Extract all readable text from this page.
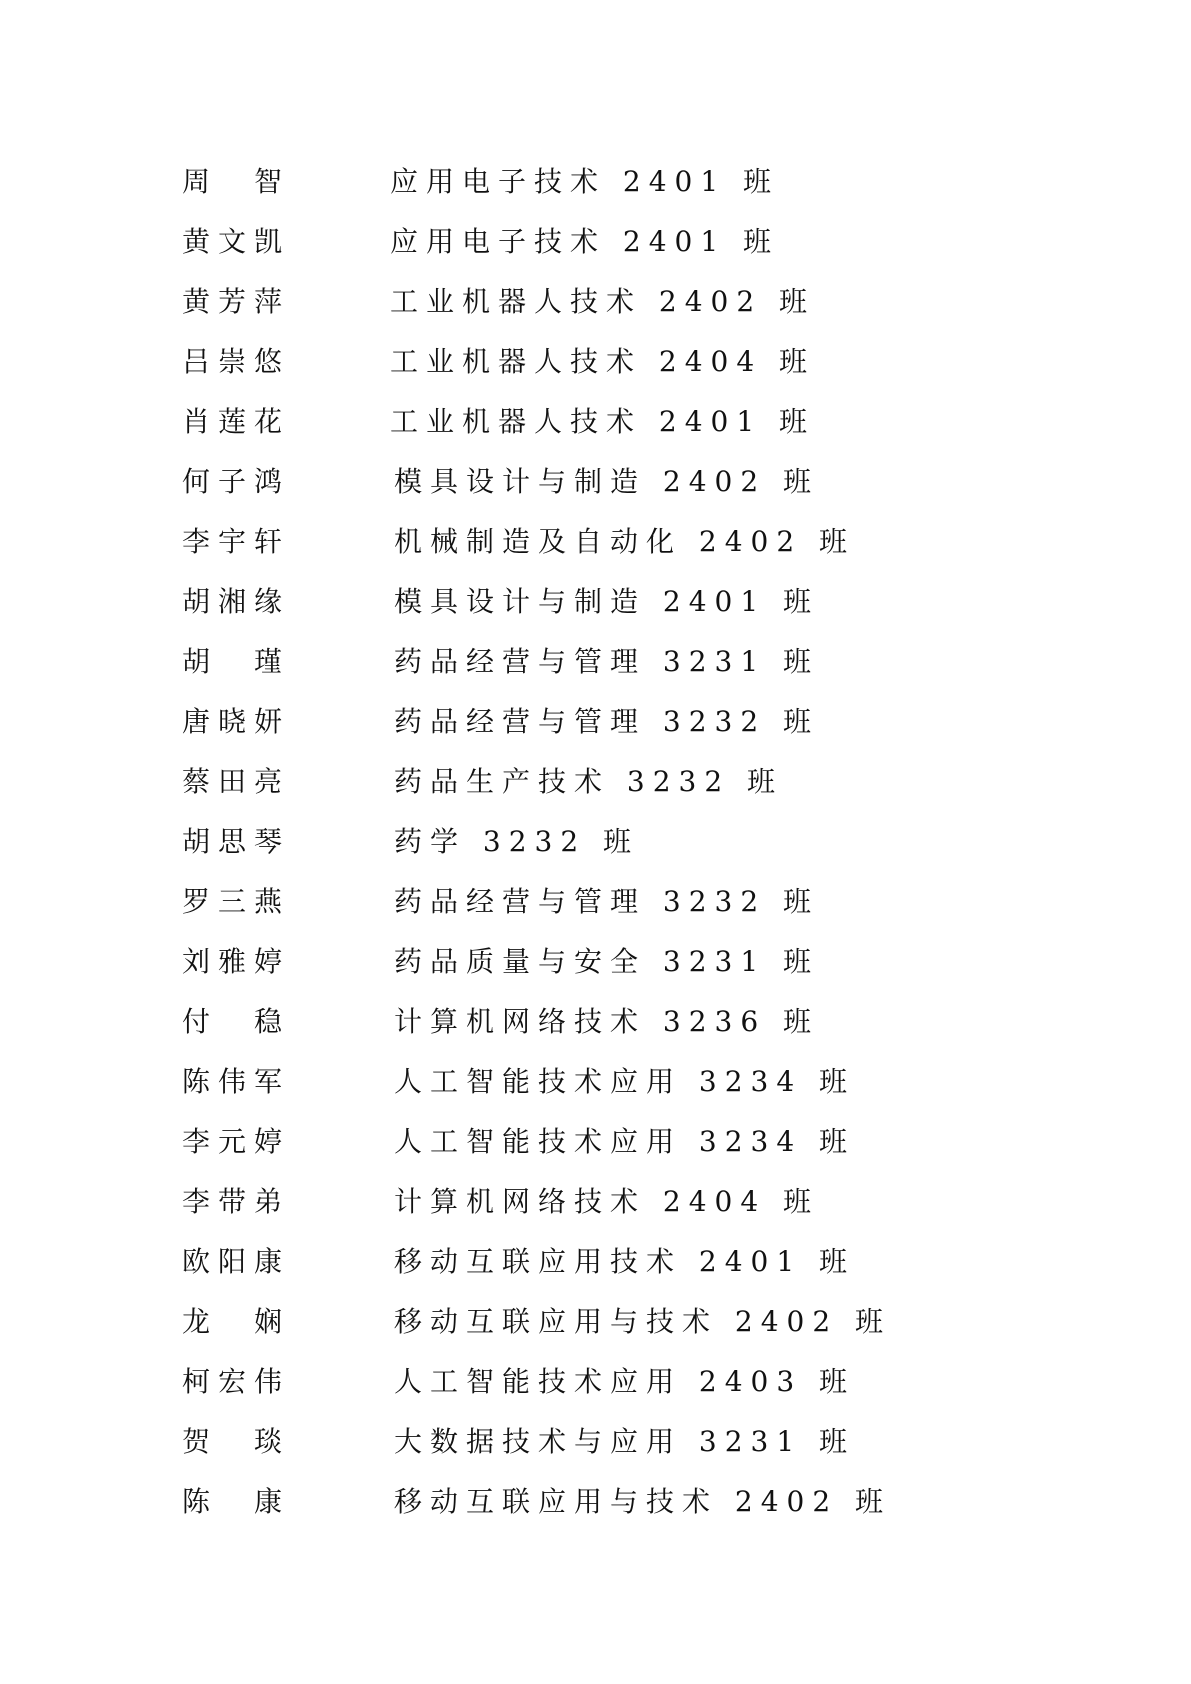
周　智	应用电子技术 2401 班
黄文凯	应用电子技术 2401 班
黄芳萍	工业机器人技术 2402 班
吕崇悠	工业机器人技术 2404 班
肖莲花	工业机器人技术 2401 班
何子鸿	模具设计与制造 2402 班
李宇轩	机械制造及自动化 2402 班
胡湘缘	模具设计与制造 2401 班
胡　瑾	药品经营与管理 3231 班
唐晓妍	药品经营与管理 3232 班
蔡田亮	药品生产技术 3232 班
胡思琴	药学 3232 班
罗三燕	药品经营与管理 3232 班
刘雅婷	药品质量与安全 3231 班
付　稳	计算机网络技术 3236 班
陈伟军	人工智能技术应用 3234 班
李元婷	人工智能技术应用 3234 班
李带弟	计算机网络技术 2404 班
欧阳康	移动互联应用技术 2401 班
龙　娴	移动互联应用与技术 2402 班
柯宏伟	人工智能技术应用 2403 班
贺　琰	大数据技术与应用 3231 班
陈　康	移动互联应用与技术 2402 班
